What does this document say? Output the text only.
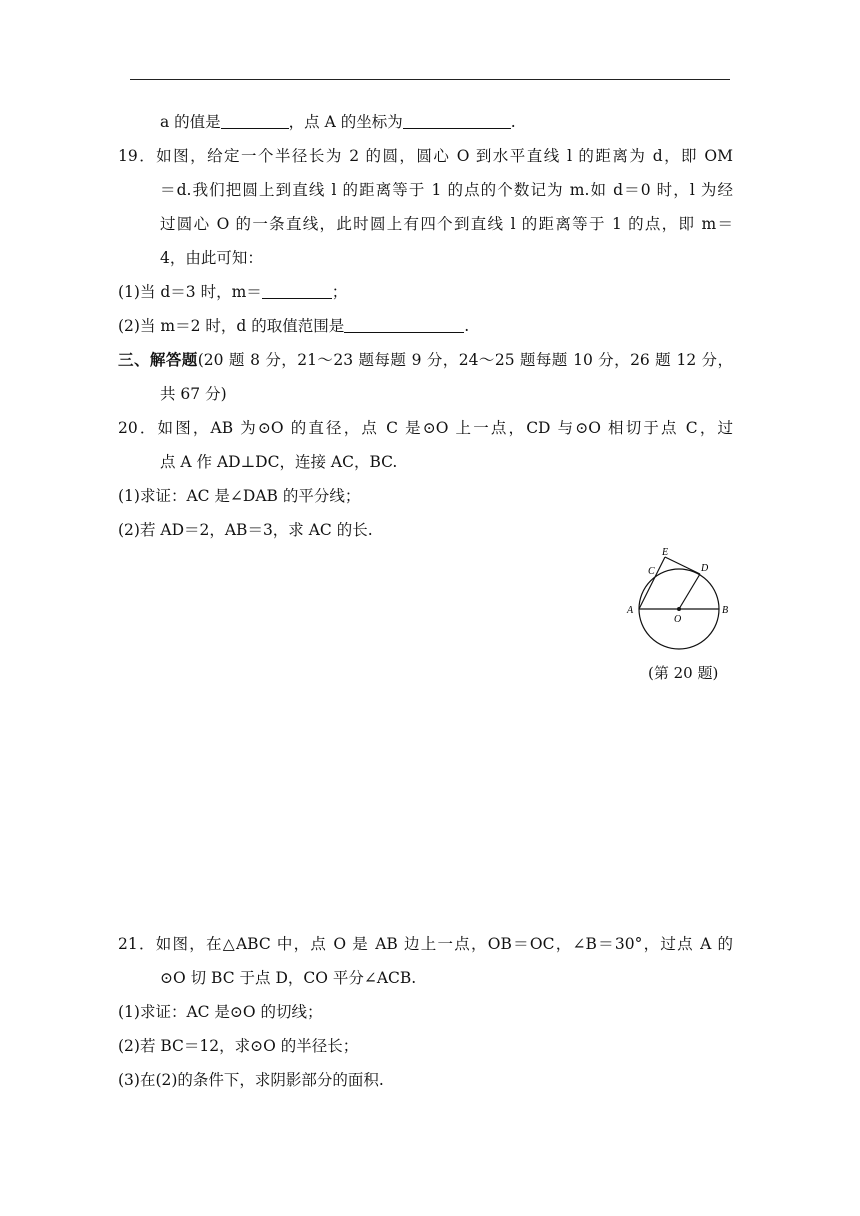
a 的值是	，点 A 的坐标为	.
19．如图，给定一个半径长为 2 的圆，圆心 O 到水平直线 l 的距离为 d，即 OM
＝d.我们把圆上到直线 l 的距离等于 1 的点的个数记为 m.如 d＝0 时，l 为经
过圆心 O 的一条直线，此时圆上有四个到直线 l 的距离等于 1 的点，即 m＝
4，由此可知：
(1)当 d＝3 时，m＝	；
(2)当 m＝2 时，d 的取值范围是	.
三、解答题(20 题 8 分，21～23 题每题 9 分，24～25 题每题 10 分，26 题 12 分，
共 67 分)
20．如图，AB 为⊙O 的直径，点 C 是⊙O 上一点，CD 与⊙O 相切于点 C，过
点 A 作 AD⊥DC，连接 AC，BC.
(1)求证：AC 是∠DAB 的平分线；
(2)若 AD＝2，AB＝3，求 AC 的长.
E
C	D
A
O
B
(第 20 题)
21．如图，在△ABC 中，点 O 是 AB 边上一点，OB＝OC，∠B＝30°，过点 A 的
⊙O 切 BC 于点 D，CO 平分∠ACB.
(1)求证：AC 是⊙O 的切线；
(2)若 BC＝12，求⊙O 的半径长；
(3)在(2)的条件下，求阴影部分的面积.
